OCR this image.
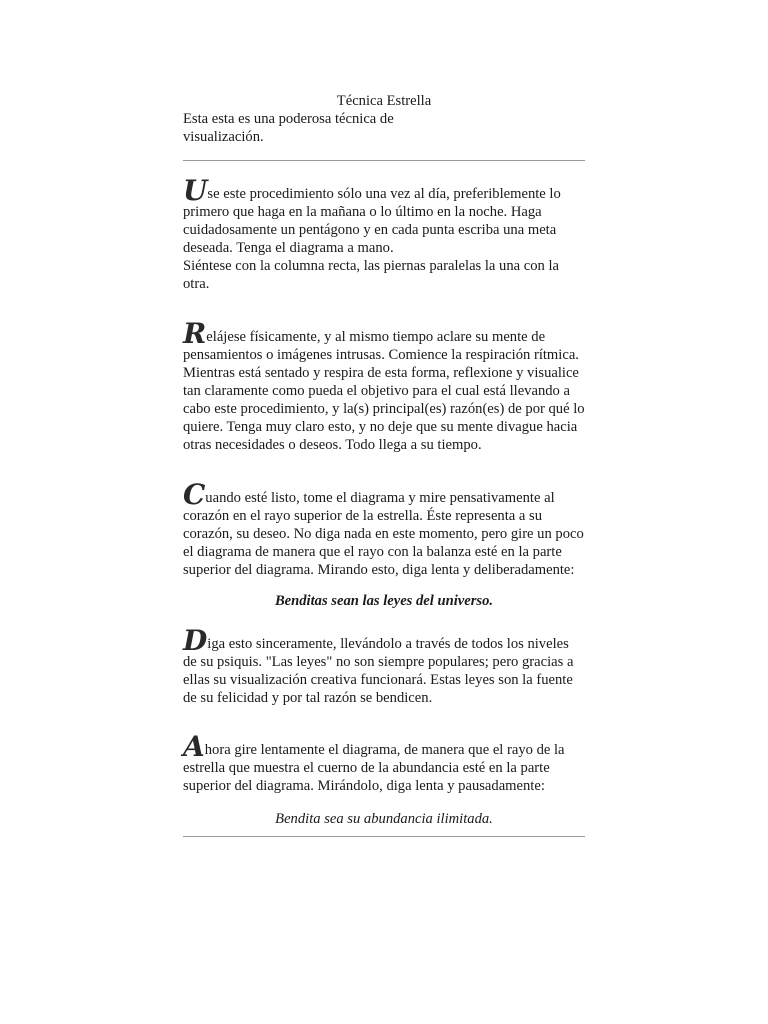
Técnica Estrella

Esta esta es una poderosa técnica de visualización.

Use este procedimiento sólo una vez al día, preferiblemente lo primero que haga en la mañana o lo último en la noche. Haga cuidadosamente un pentágono y en cada punta escriba una meta deseada. Tenga el diagrama a mano.
Siéntese con la columna recta, las piernas paralelas la una con la otra.

Relájese físicamente, y al mismo tiempo aclare su mente de pensamientos o imágenes intrusas. Comience la respiración rítmica. Mientras está sentado y respira de esta forma, reflexione y visualice tan claramente como pueda el objetivo para el cual está llevando a cabo este procedimiento, y la(s) principal(es) razón(es) de por qué lo quiere. Tenga muy claro esto, y no deje que su mente divague hacia otras necesidades o deseos. Todo llega a su tiempo.

Cuando esté listo, tome el diagrama y mire pensativamente al corazón en el rayo superior de la estrella. Éste representa a su corazón, su deseo. No diga nada en este momento, pero gire un poco el diagrama de manera que el rayo con la balanza esté en la parte superior del diagrama. Mirando esto, diga lenta y deliberadamente:

Benditas sean las leyes del universo.

Diga esto sinceramente, llevándolo a través de todos los niveles de su psiquis. "Las leyes" no son siempre populares; pero gracias a ellas su visualización creativa funcionará. Estas leyes son la fuente de su felicidad y por tal razón se bendicen.

Ahora gire lentamente el diagrama, de manera que el rayo de la estrella que muestra el cuerno de la abundancia esté en la parte superior del diagrama. Mirándolo, diga lenta y pausadamente:

Bendita sea su abundancia ilimitada.
